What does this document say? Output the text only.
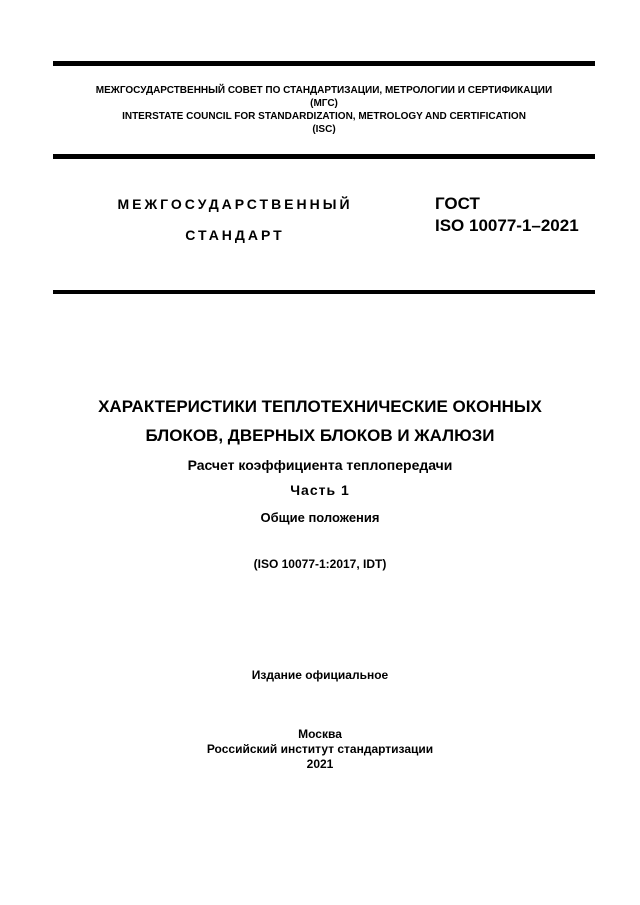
МЕЖГОСУДАРСТВЕННЫЙ СОВЕТ ПО СТАНДАРТИЗАЦИИ, МЕТРОЛОГИИ И СЕРТИФИКАЦИИ
(МГС)
INTERSTATE COUNCIL FOR STANDARDIZATION, METROLOGY AND CERTIFICATION
(ISC)
МЕЖГОСУДАРСТВЕННЫЙ
СТАНДАРТ
ГОСТ
ISO 10077-1–2021
ХАРАКТЕРИСТИКИ ТЕПЛОТЕХНИЧЕСКИЕ ОКОННЫХ
БЛОКОВ, ДВЕРНЫХ БЛОКОВ И ЖАЛЮЗИ
Расчет коэффициента теплопередачи
Часть 1
Общие положения
(ISO 10077-1:2017, IDT)
Издание официальное
Москва
Российский институт стандартизации
2021
